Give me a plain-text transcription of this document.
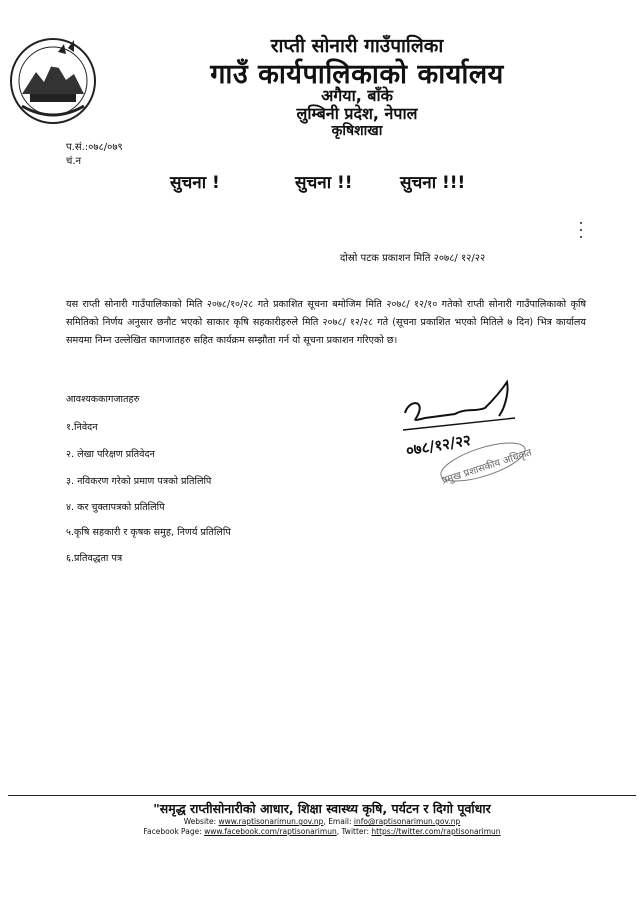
राप्ती सोनारी गाउँपालिका
गाउँ कार्यपालिकाको कार्यालय
अगैया, बाँके
लुम्बिनी प्रदेश, नेपाल
कृषिशाखा
प.सं.:०७८/०७९
चं.न
सुचना !	सुचना !!	सुचना !!!
दोस्रो पटक प्रकाशन मिति २०७८/ १२/२२
यस राप्ती सोनारी गाउँपालिकाको मिति २०७८/१०/२८ गते प्रकाशित सूचना बमोजिम मिति २०७८/ १२/१० गतेको राप्ती सोनारी गाउँपालिकाको कृषि समितिको निर्णय अनुसार छनौट भएको साकार कृषि सहकारीहरुले मिति २०७८/ १२/२८ गते (सूचना प्रकाशित भएको मितिले ७ दिन) भित्र कार्यालय समयमा निम्न उल्लेखित कागजातहरु सहित कार्यक्रम सम्झौता गर्न यो सूचना प्रकाशन गरिएको छ।
आवश्यककागजातहरु
१.निवेदन
२. लेखा परिक्षण प्रतिवेदन
३. नविकरण गरेको प्रमाण पत्रको प्रतिलिपि
४. कर चुक्तापत्रको प्रतिलिपि
५.कृषि सहकारी र कृषक समुह, निणर्य प्रतिलिपि
६.प्रतिवद्धता पत्र
०७८/१२/२२
प्रमुख प्रशासकीय अधिकृत
"समृद्ध राप्तीसोनारीको आधार, शिक्षा स्वास्थ्य कृषि, पर्यटन र दिगो पूर्वाधार
Website: www.raptisonarimun.gov.np, Email: info@raptisonarimun.gov.np
Facebook Page: www.facebook.com/raptisonarimun, Twitter: https://twitter.com/raptisonarimun
